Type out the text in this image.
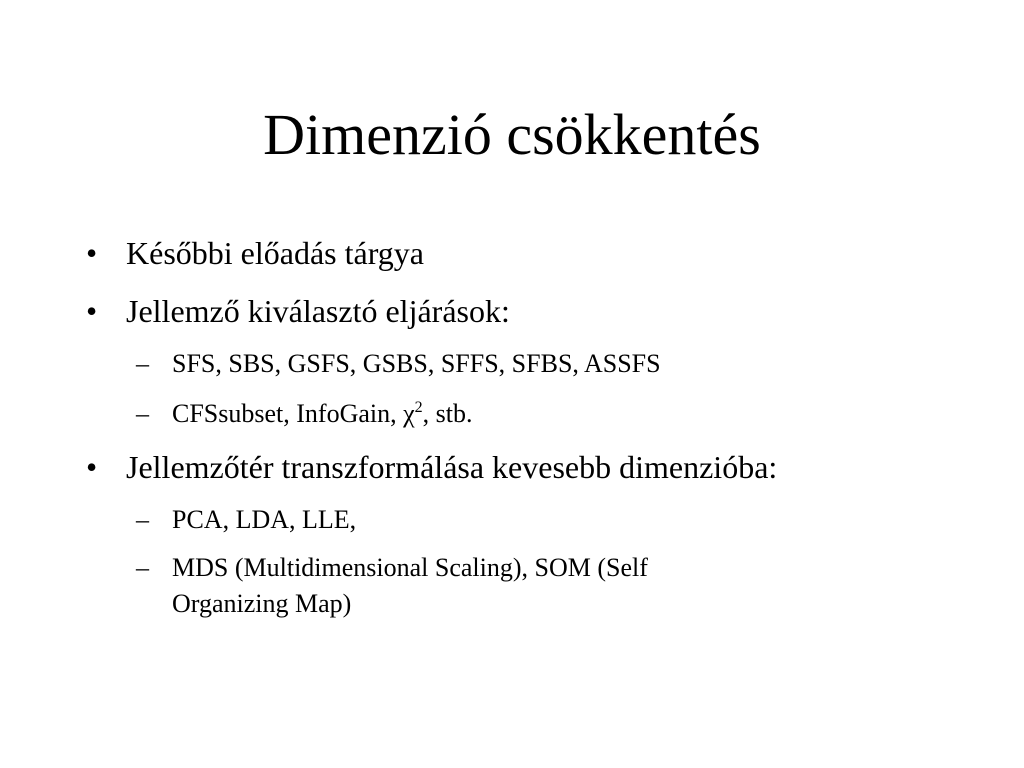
Dimenzió csökkentés
• Későbbi előadás tárgya
• Jellemző kiválasztó eljárások:
– SFS, SBS, GSFS, GSBS, SFFS, SFBS, ASSFS
– CFSsubset, InfoGain, $\chi^2$, stb.
• Jellemzőtér transzformálása kevesebb dimenzióba:
– PCA, LDA, LLE,
– MDS (Multidimensional Scaling), SOM (Self
Organizing Map)
